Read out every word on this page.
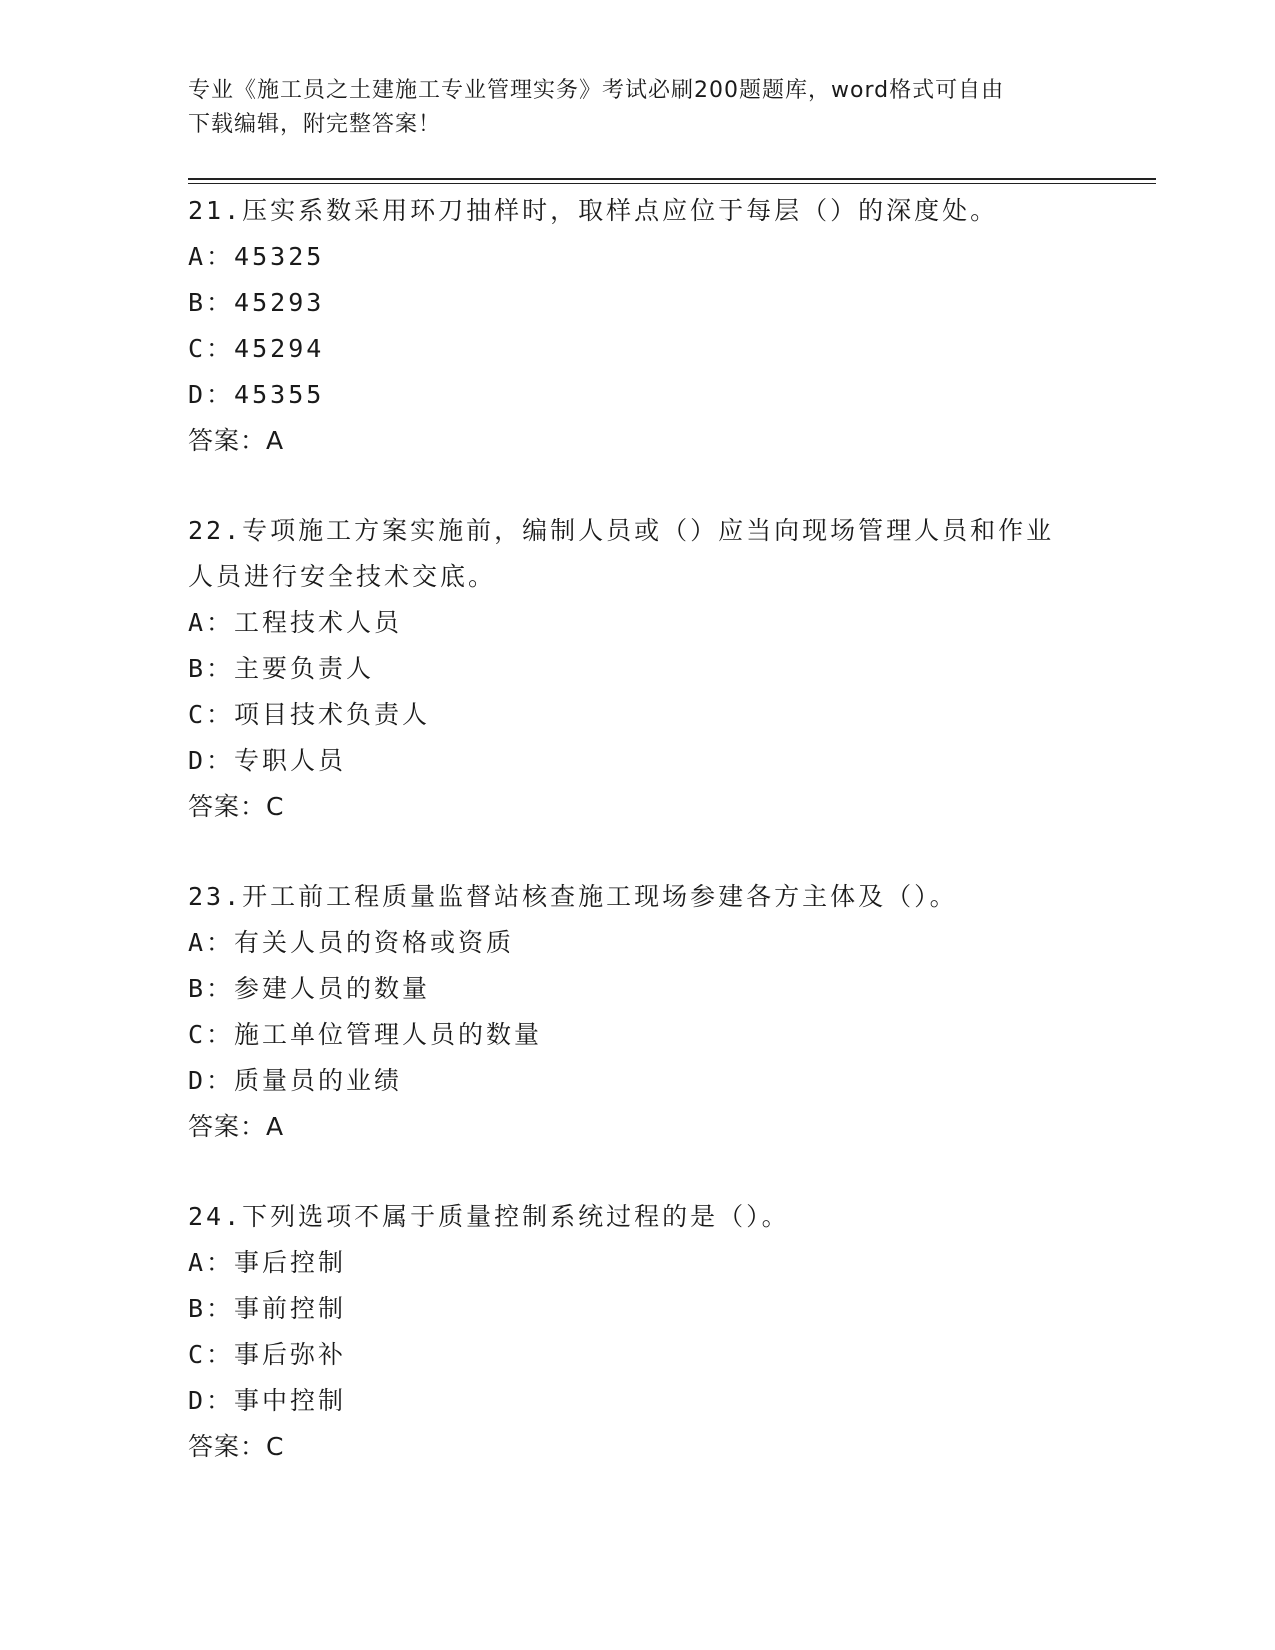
专业《施工员之土建施工专业管理实务》考试必刷200题题库，word格式可自由
下载编辑，附完整答案！
21.压实系数采用环刀抽样时，取样点应位于每层（）的深度处。
A：45325
B：45293
C：45294
D：45355
答案：A
22.专项施工方案实施前，编制人员或（）应当向现场管理人员和作业
人员进行安全技术交底。
A：工程技术人员
B：主要负责人
C：项目技术负责人
D：专职人员
答案：C
23.开工前工程质量监督站核查施工现场参建各方主体及（）。
A：有关人员的资格或资质
B：参建人员的数量
C：施工单位管理人员的数量
D：质量员的业绩
答案：A
24.下列选项不属于质量控制系统过程的是（）。
A：事后控制
B：事前控制
C：事后弥补
D：事中控制
答案：C
